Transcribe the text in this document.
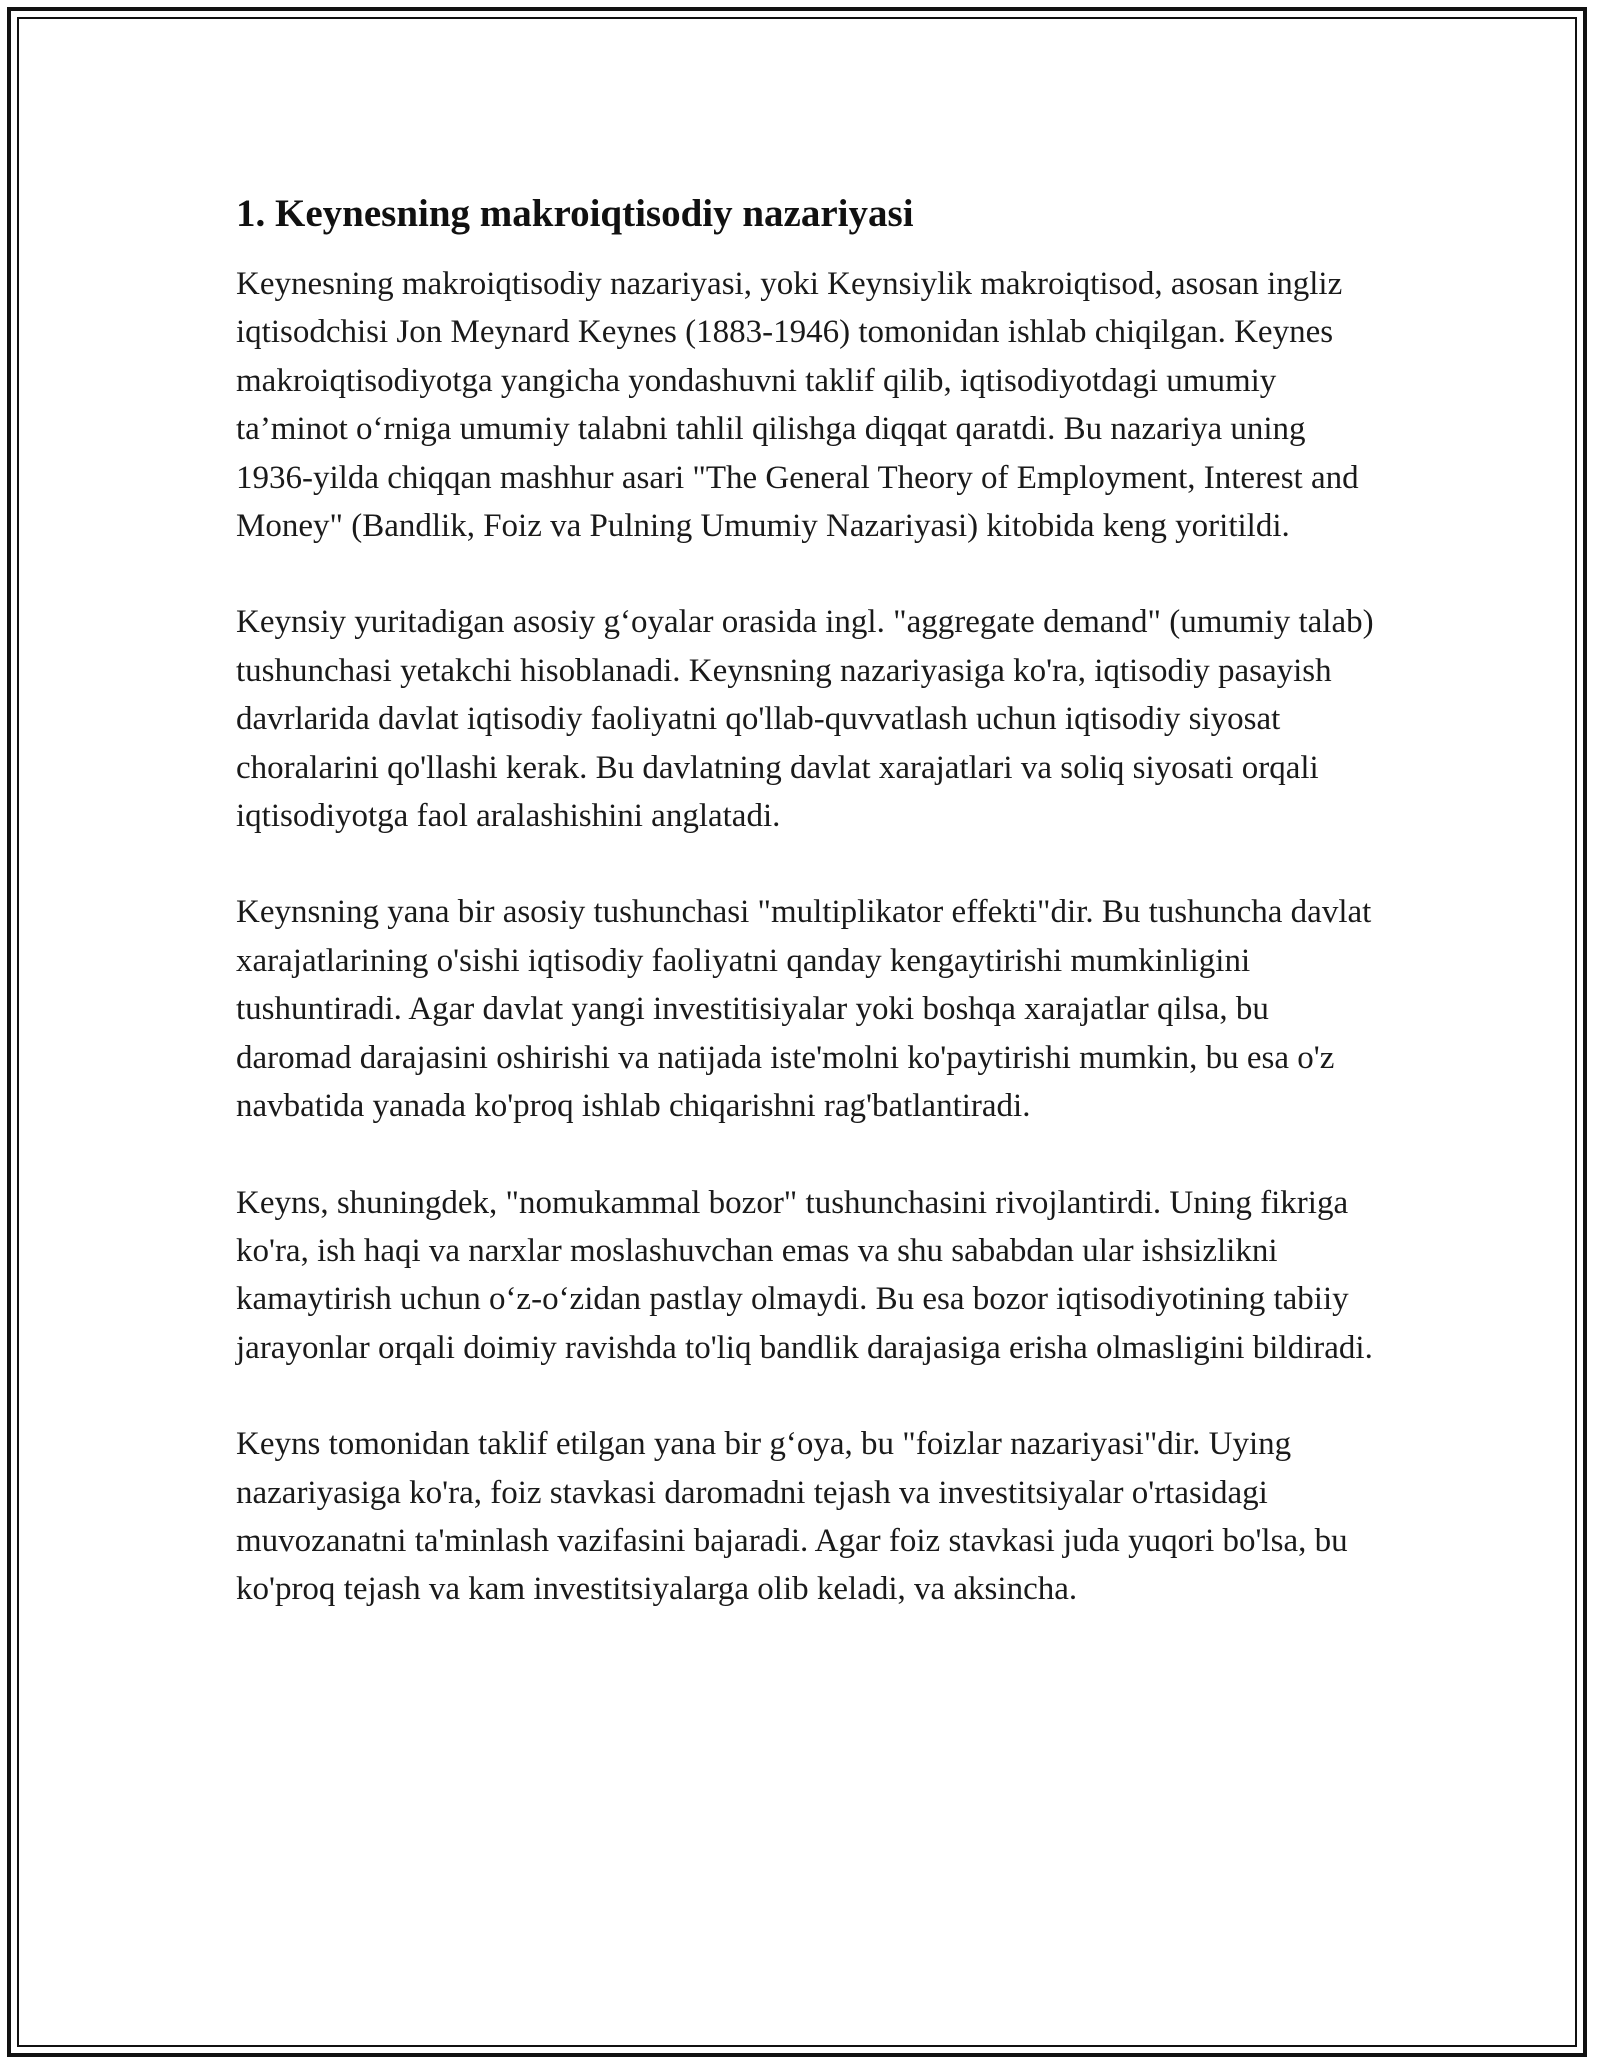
1. Keynesning makroiqtisodiy nazariyasi

Keynesning makroiqtisodiy nazariyasi, yoki Keynsiylik makroiqtisod, asosan ingliz iqtisodchisi Jon Meynard Keynes (1883-1946) tomonidan ishlab chiqilgan. Keynes makroiqtisodiyotga yangicha yondashuvni taklif qilib, iqtisodiyotdagi umumiy ta’minot o‘rniga umumiy talabni tahlil qilishga diqqat qaratdi. Bu nazariya uning 1936-yilda chiqqan mashhur asari "The General Theory of Employment, Interest and Money" (Bandlik, Foiz va Pulning Umumiy Nazariyasi) kitobida keng yoritildi.

Keynsiy yuritadigan asosiy g‘oyalar orasida ingl. "aggregate demand" (umumiy talab) tushunchasi yetakchi hisoblanadi. Keynsning nazariyasiga ko'ra, iqtisodiy pasayish davrlarida davlat iqtisodiy faoliyatni qo'llab-quvvatlash uchun iqtisodiy siyosat choralarini qo'llashi kerak. Bu davlatning davlat xarajatlari va soliq siyosati orqali iqtisodiyotga faol aralashishini anglatadi.

Keynsning yana bir asosiy tushunchasi "multiplikator effekti"dir. Bu tushuncha davlat xarajatlarining o'sishi iqtisodiy faoliyatni qanday kengaytirishi mumkinligini tushuntiradi. Agar davlat yangi investitisiyalar yoki boshqa xarajatlar qilsa, bu daromad darajasini oshirishi va natijada iste'molni ko'paytirishi mumkin, bu esa o'z navbatida yanada ko'proq ishlab chiqarishni rag'batlantiradi.

Keyns, shuningdek, "nomukammal bozor" tushunchasini rivojlantirdi. Uning fikriga ko'ra, ish haqi va narxlar moslashuvchan emas va shu sababdan ular ishsizlikni kamaytirish uchun o‘z-o‘zidan pastlay olmaydi. Bu esa bozor iqtisodiyotining tabiiy jarayonlar orqali doimiy ravishda to'liq bandlik darajasiga erisha olmasligini bildiradi.

Keyns tomonidan taklif etilgan yana bir g‘oya, bu "foizlar nazariyasi"dir. Uying nazariyasiga ko'ra, foiz stavkasi daromadni tejash va investitsiyalar o'rtasidagi muvozanatni ta'minlash vazifasini bajaradi. Agar foiz stavkasi juda yuqori bo'lsa, bu ko'proq tejash va kam investitsiyalarga olib keladi, va aksincha.
